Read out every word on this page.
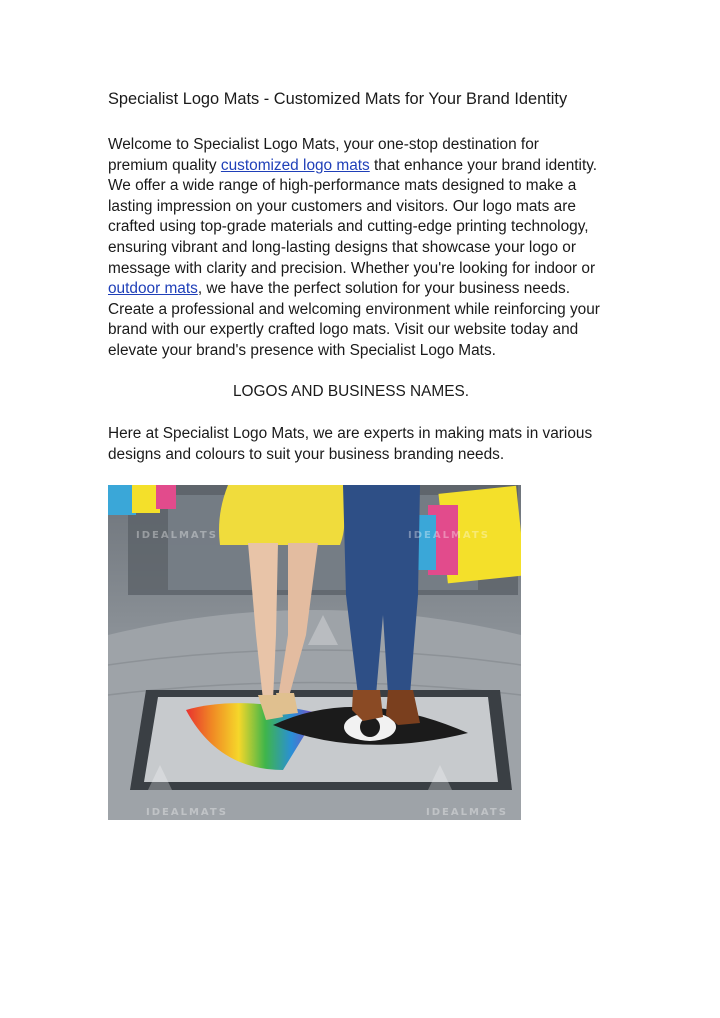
Specialist Logo Mats - Customized Mats for Your Brand Identity
Welcome to Specialist Logo Mats, your one-stop destination for
premium quality customized logo mats that enhance your brand identity.
We offer a wide range of high-performance mats designed to make a
lasting impression on your customers and visitors. Our logo mats are
crafted using top-grade materials and cutting-edge printing technology,
ensuring vibrant and long-lasting designs that showcase your logo or
message with clarity and precision. Whether you're looking for indoor or
outdoor mats, we have the perfect solution for your business needs.
Create a professional and welcoming environment while reinforcing your
brand with our expertly crafted logo mats. Visit our website today and
elevate your brand's presence with Specialist Logo Mats.
LOGOS AND BUSINESS NAMES.
Here at Specialist Logo Mats, we are experts in making mats in various
designs and colours to suit your business branding needs.
IDEALMATS	IDEALMATS
IDEALMATS	IDEALMATS
